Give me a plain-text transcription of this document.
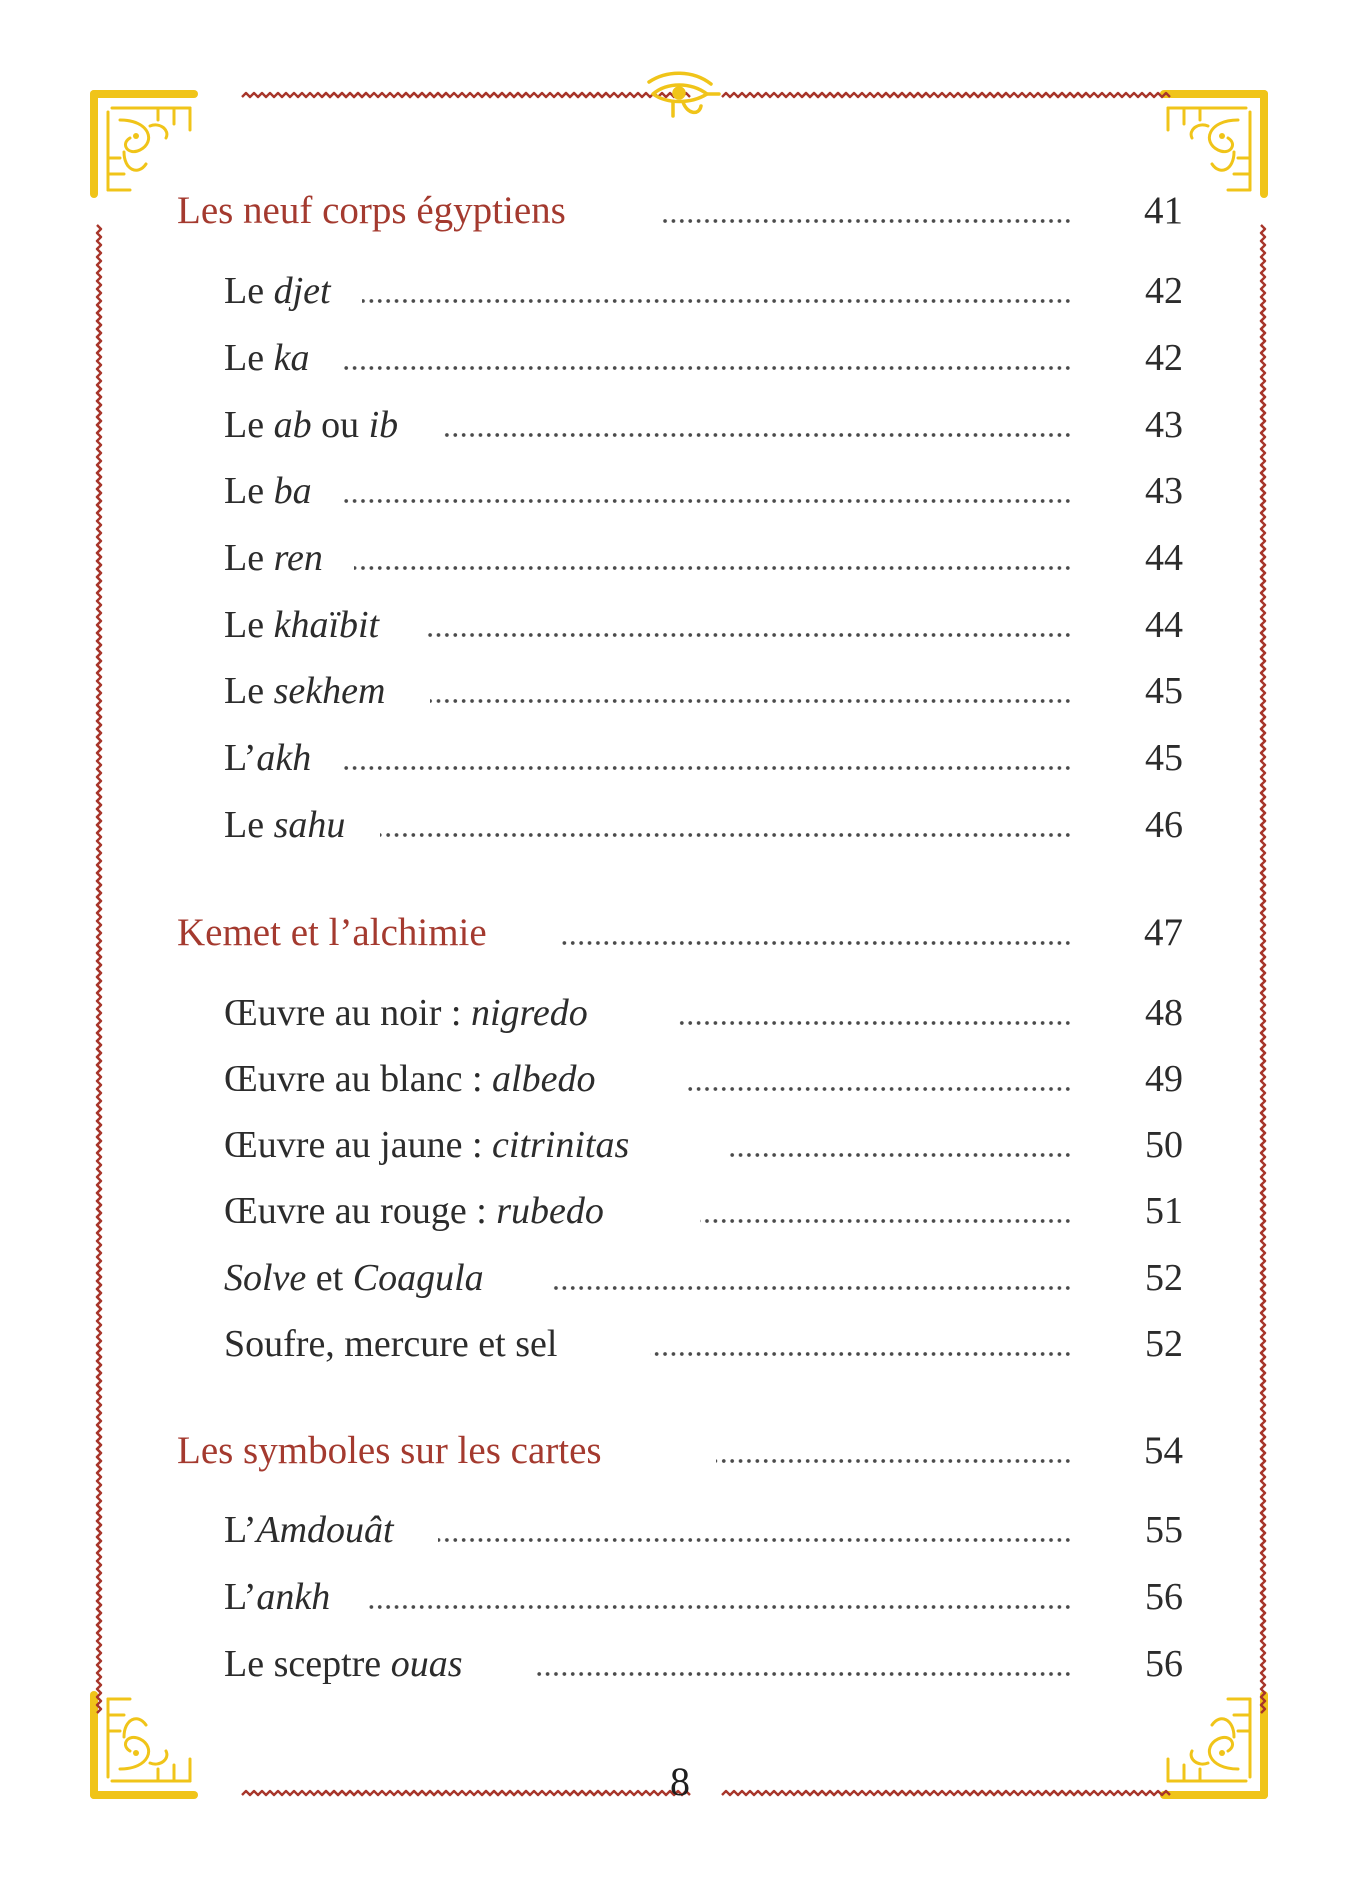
Les neuf corps égyptiens	41
Le djet	42
Le ka	42
Le ab ou ib	43
Le ba	43
Le ren	44
Le khaïbit	44
Le sekhem	45
L’akh	45
Le sahu	46
Kemet et l’alchimie	47
Œuvre au noir : nigredo	48
Œuvre au blanc : albedo	49
Œuvre au jaune : citrinitas	50
Œuvre au rouge : rubedo	51
Solve et Coagula	52
Soufre, mercure et sel	52
Les symboles sur les cartes	54
L’Amdouât	55
L’ankh	56
Le sceptre ouas	56
8
